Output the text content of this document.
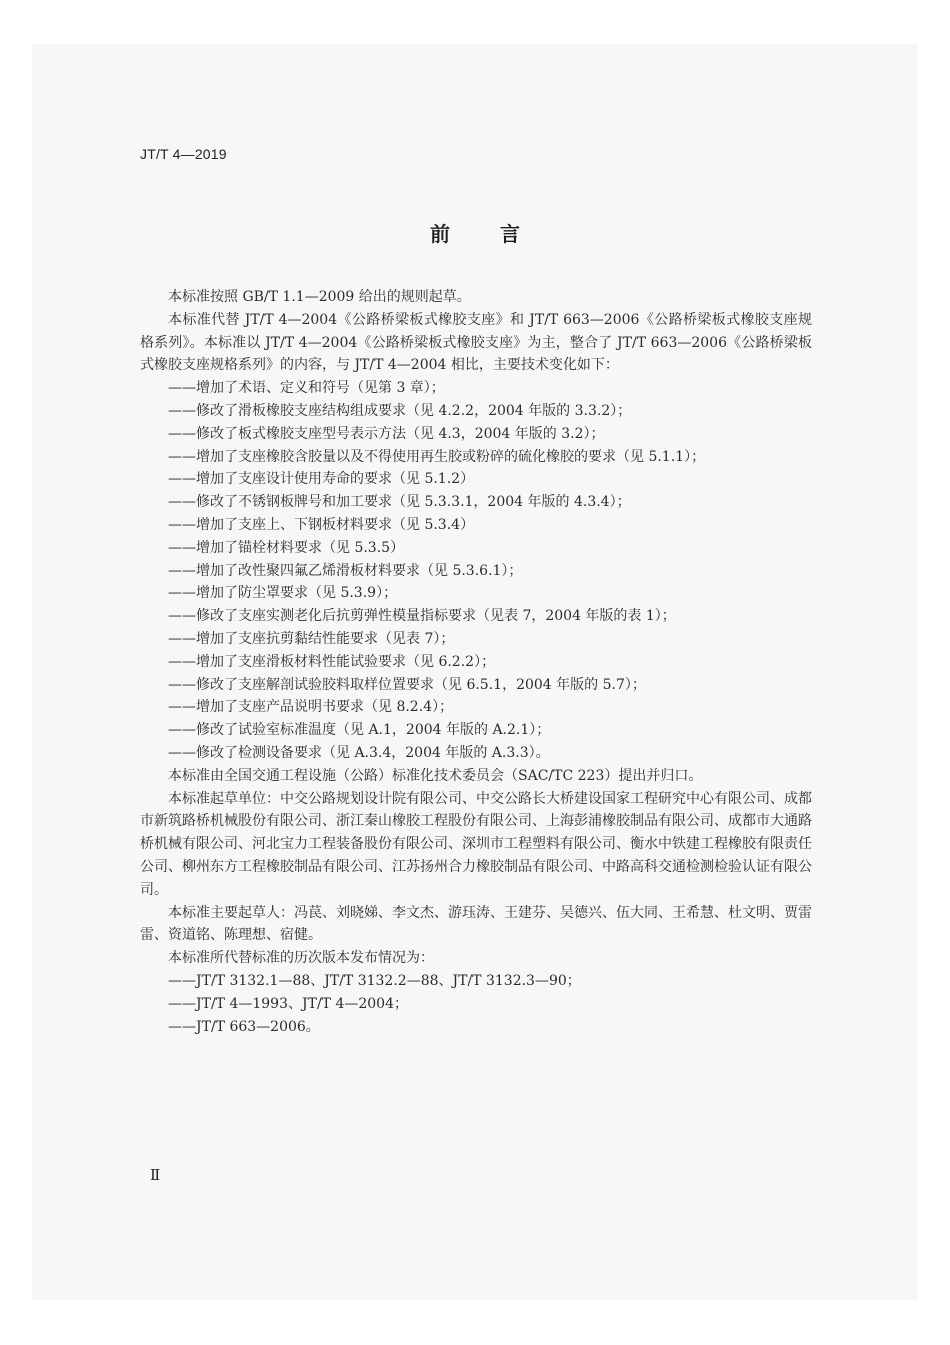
JT/T 4—2019
前言

本标准按照 GB/T 1.1—2009 给出的规则起草。

本标准代替 JT/T 4—2004《公路桥梁板式橡胶支座》和 JT/T 663—2006《公路桥梁板式橡胶支座规格系列》。本标准以 JT/T 4—2004《公路桥梁板式橡胶支座》为主，整合了 JT/T 663—2006《公路桥梁板式橡胶支座规格系列》的内容，与 JT/T 4—2004 相比，主要技术变化如下：

——增加了术语、定义和符号（见第 3 章）；

——修改了滑板橡胶支座结构组成要求（见 4.2.2，2004 年版的 3.3.2）；

——修改了板式橡胶支座型号表示方法（见 4.3，2004 年版的 3.2）；

——增加了支座橡胶含胶量以及不得使用再生胶或粉碎的硫化橡胶的要求（见 5.1.1）；

——增加了支座设计使用寿命的要求（见 5.1.2）

——修改了不锈钢板牌号和加工要求（见 5.3.3.1，2004 年版的 4.3.4）；

——增加了支座上、下钢板材料要求（见 5.3.4）

——增加了锚栓材料要求（见 5.3.5）

——增加了改性聚四氟乙烯滑板材料要求（见 5.3.6.1）；

——增加了防尘罩要求（见 5.3.9）；

——修改了支座实测老化后抗剪弹性模量指标要求（见表 7，2004 年版的表 1）；

——增加了支座抗剪黏结性能要求（见表 7）；

——增加了支座滑板材料性能试验要求（见 6.2.2）；

——修改了支座解剖试验胶料取样位置要求（见 6.5.1，2004 年版的 5.7）；

——增加了支座产品说明书要求（见 8.2.4）；

——修改了试验室标准温度（见 A.1，2004 年版的 A.2.1）；

——修改了检测设备要求（见 A.3.4，2004 年版的 A.3.3）。

本标准由全国交通工程设施（公路）标准化技术委员会（SAC/TC 223）提出并归口。

本标准起草单位：中交公路规划设计院有限公司、中交公路长大桥建设国家工程研究中心有限公司、成都市新筑路桥机械股份有限公司、浙江秦山橡胶工程股份有限公司、上海彭浦橡胶制品有限公司、成都市大通路桥机械有限公司、河北宝力工程装备股份有限公司、深圳市工程塑料有限公司、衡水中铁建工程橡胶有限责任公司、柳州东方工程橡胶制品有限公司、江苏扬州合力橡胶制品有限公司、中路高科交通检测检验认证有限公司。

本标准主要起草人：冯苠、刘晓娣、李文杰、游珏涛、王建芬、吴德兴、伍大同、王希慧、杜文明、贾雷雷、资道铭、陈理想、宿健。

本标准所代替标准的历次版本发布情况为：

——JT/T 3132.1—88、JT/T 3132.2—88、JT/T 3132.3—90；

——JT/T 4—1993、JT/T 4—2004；

——JT/T 663—2006。

Ⅱ
